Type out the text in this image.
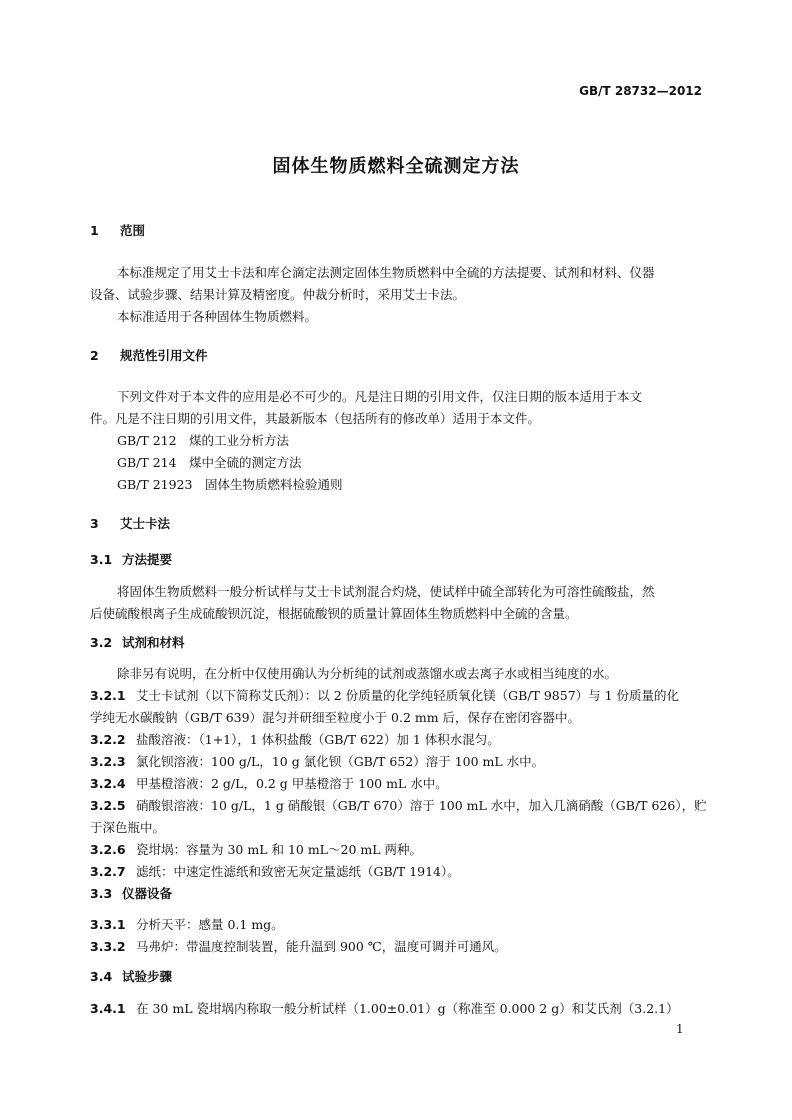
GB/T 28732—2012
固体生物质燃料全硫测定方法
1 范围
本标准规定了用艾士卡法和库仑滴定法测定固体生物质燃料中全硫的方法提要、试剂和材料、仪器
设备、试验步骤、结果计算及精密度。仲裁分析时，采用艾士卡法。
本标准适用于各种固体生物质燃料。
2 规范性引用文件
下列文件对于本文件的应用是必不可少的。凡是注日期的引用文件，仅注日期的版本适用于本文
件。凡是不注日期的引用文件，其最新版本（包括所有的修改单）适用于本文件。
GB/T 212　煤的工业分析方法
GB/T 214　煤中全硫的测定方法
GB/T 21923　固体生物质燃料检验通则
3 艾士卡法
3.1 方法提要
将固体生物质燃料一般分析试样与艾士卡试剂混合灼烧，使试样中硫全部转化为可溶性硫酸盐，然
后使硫酸根离子生成硫酸钡沉淀，根据硫酸钡的质量计算固体生物质燃料中全硫的含量。
3.2 试剂和材料
除非另有说明，在分析中仅使用确认为分析纯的试剂或蒸馏水或去离子水或相当纯度的水。
3.2.1 艾士卡试剂（以下简称艾氏剂）：以 2 份质量的化学纯轻质氧化镁（GB/T 9857）与 1 份质量的化
学纯无水碳酸钠（GB/T 639）混匀并研细至粒度小于 0.2 mm 后，保存在密闭容器中。
3.2.2 盐酸溶液：（1+1），1 体积盐酸（GB/T 622）加 1 体积水混匀。
3.2.3 氯化钡溶液：100 g/L，10 g 氯化钡（GB/T 652）溶于 100 mL 水中。
3.2.4 甲基橙溶液：2 g/L，0.2 g 甲基橙溶于 100 mL 水中。
3.2.5 硝酸银溶液：10 g/L，1 g 硝酸银（GB/T 670）溶于 100 mL 水中，加入几滴硝酸（GB/T 626），贮
于深色瓶中。
3.2.6 瓷坩埚：容量为 30 mL 和 10 mL～20 mL 两种。
3.2.7 滤纸：中速定性滤纸和致密无灰定量滤纸（GB/T 1914）。
3.3 仪器设备
3.3.1 分析天平：感量 0.1 mg。
3.3.2 马弗炉：带温度控制装置，能升温到 900 ℃，温度可调并可通风。
3.4 试验步骤
3.4.1 在 30 mL 瓷坩埚内称取一般分析试样（1.00±0.01）g（称准至 0.000 2 g）和艾氏剂（3.2.1）
1
